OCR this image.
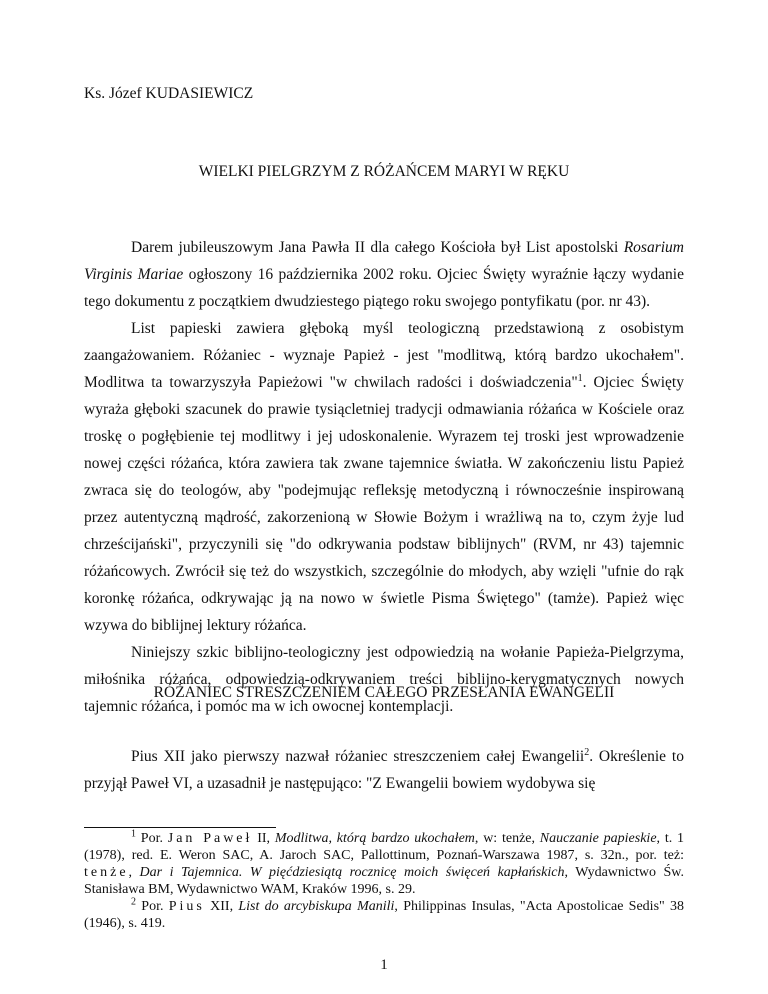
Ks. Józef KUDASIEWICZ
WIELKI PIELGRZYM Z RÓŻAŃCEM MARYI W RĘKU

Darem jubileuszowym Jana Pawła II dla całego Kościoła był List apostolski Rosarium Virginis Mariae ogłoszony 16 października 2002 roku. Ojciec Święty wyraźnie łączy wydanie tego dokumentu z początkiem dwudziestego piątego roku swojego pontyfikatu (por. nr 43).

List papieski zawiera głęboką myśl teologiczną przedstawioną z osobistym zaangażowaniem. Różaniec - wyznaje Papież - jest "modlitwą, którą bardzo ukochałem". Modlitwa ta towarzyszyła Papieżowi "w chwilach radości i doświadczenia"$^1$. Ojciec Święty wyraża głęboki szacunek do prawie tysiącletniej tradycji odmawiania różańca w Kościele oraz troskę o pogłębienie tej modlitwy i jej udoskonalenie. Wyrazem tej troski jest wprowadzenie nowej części różańca, która zawiera tak zwane tajemnice światła. W zakończeniu listu Papież zwraca się do teologów, aby "podejmując refleksję metodyczną i równocześnie inspirowaną przez autentyczną mądrość, zakorzenioną w Słowie Bożym i wrażliwą na to, czym żyje lud chrześcijański", przyczynili się "do odkrywania podstaw biblijnych" (RVM, nr 43) tajemnic różańcowych. Zwrócił się też do wszystkich, szczególnie do młodych, aby wzięli "ufnie do rąk koronkę różańca, odkrywając ją na nowo w świetle Pisma Świętego" (tamże). Papież więc wzywa do biblijnej lektury różańca.

Niniejszy szkic biblijno-teologiczny jest odpowiedzią na wołanie Papieża-Pielgrzyma, miłośnika różańca, odpowiedzią-odkrywaniem treści biblijno-kerygmatycznych nowych tajemnic różańca, i pomóc ma w ich owocnej kontemplacji.

RÓŻANIEC STRESZCZENIEM CAŁEGO PRZESŁANIA EWANGELII

Pius XII jako pierwszy nazwał różaniec streszczeniem całej Ewangelii$^2$. Określenie to przyjął Paweł VI, a uzasadnił je następująco: "Z Ewangelii bowiem wydobywa się

$^1$ Por. Jan Paweł II, Modlitwa, którą bardzo ukochałem, w: tenże, Nauczanie papieskie, t. 1 (1978), red. E. Weron SAC, A. Jaroch SAC, Pallottinum, Poznań-Warszawa 1987, s. 32n., por. też: tenże, Dar i Tajemnica. W pięćdziesiątą rocznicę moich święceń kapłańskich, Wydawnictwo Św. Stanisława BM, Wydawnictwo WAM, Kraków 1996, s. 29.

$^2$ Por. Pius XII, List do arcybiskupa Manili, Philippinas Insulas, "Acta Apostolicae Sedis" 38 (1946), s. 419.

1
